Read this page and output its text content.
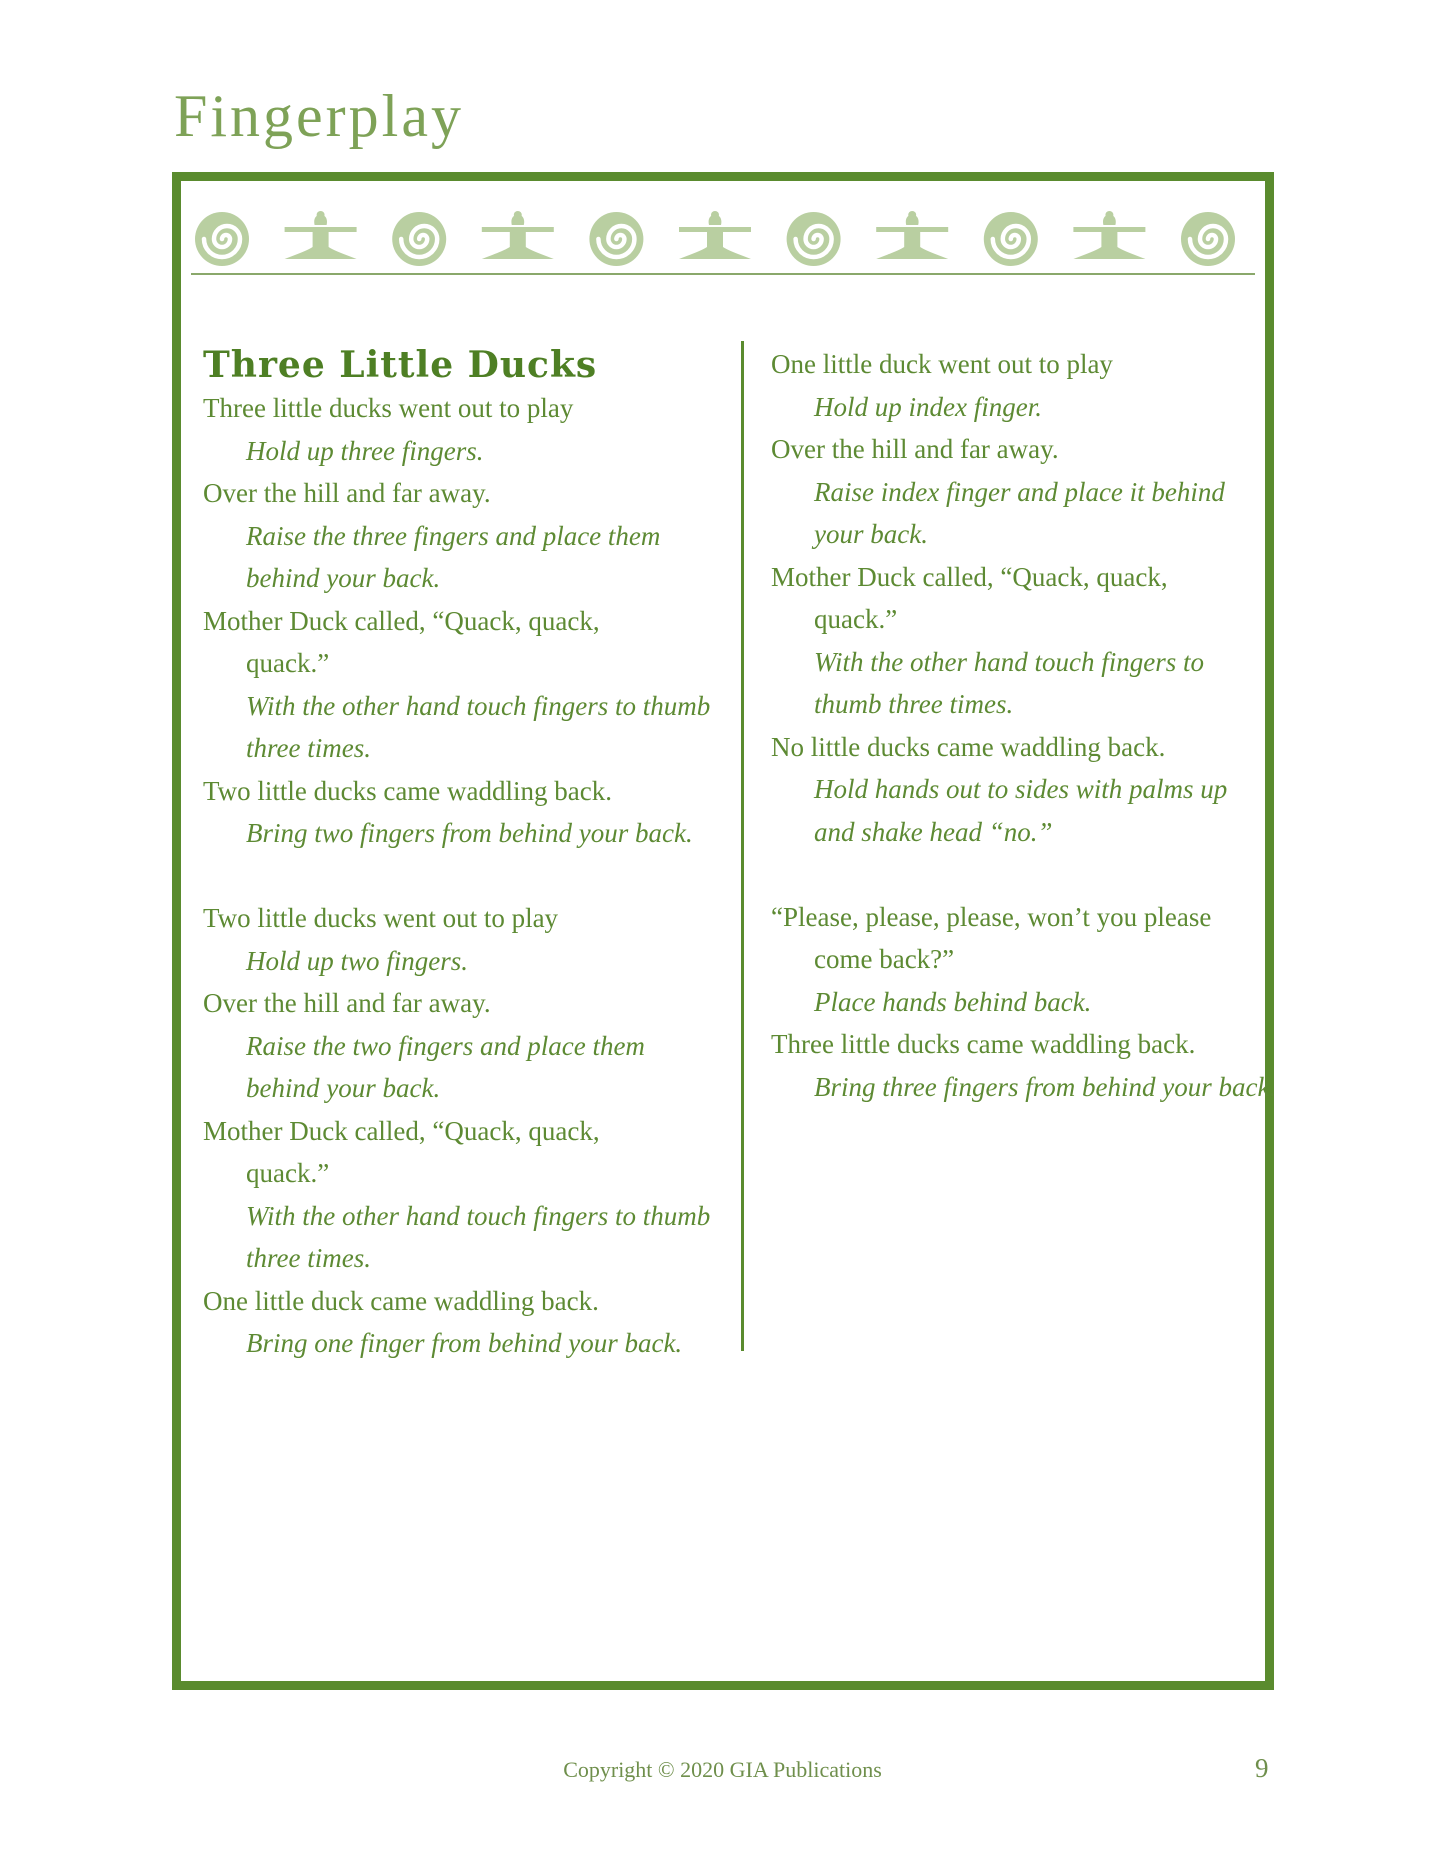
Fingerplay
Three Little Ducks
Three little ducks went out to play
Hold up three fingers.
Over the hill and far away.
Raise the three fingers and place them
behind your back.
Mother Duck called, “Quack, quack,
quack.”
With the other hand touch fingers to thumb
three times.
Two little ducks came waddling back.
Bring two fingers from behind your back.
Two little ducks went out to play
Hold up two fingers.
Over the hill and far away.
Raise the two fingers and place them
behind your back.
Mother Duck called, “Quack, quack,
quack.”
With the other hand touch fingers to thumb
three times.
One little duck came waddling back.
Bring one finger from behind your back.
One little duck went out to play
Hold up index finger.
Over the hill and far away.
Raise index finger and place it behind
your back.
Mother Duck called, “Quack, quack,
quack.”
With the other hand touch fingers to
thumb three times.
No little ducks came waddling back.
Hold hands out to sides with palms up
and shake head “no.”
“Please, please, please, won’t you please
come back?”
Place hands behind back.
Three little ducks came waddling back.
Bring three fingers from behind your back.
Copyright © 2020 GIA Publications	9
